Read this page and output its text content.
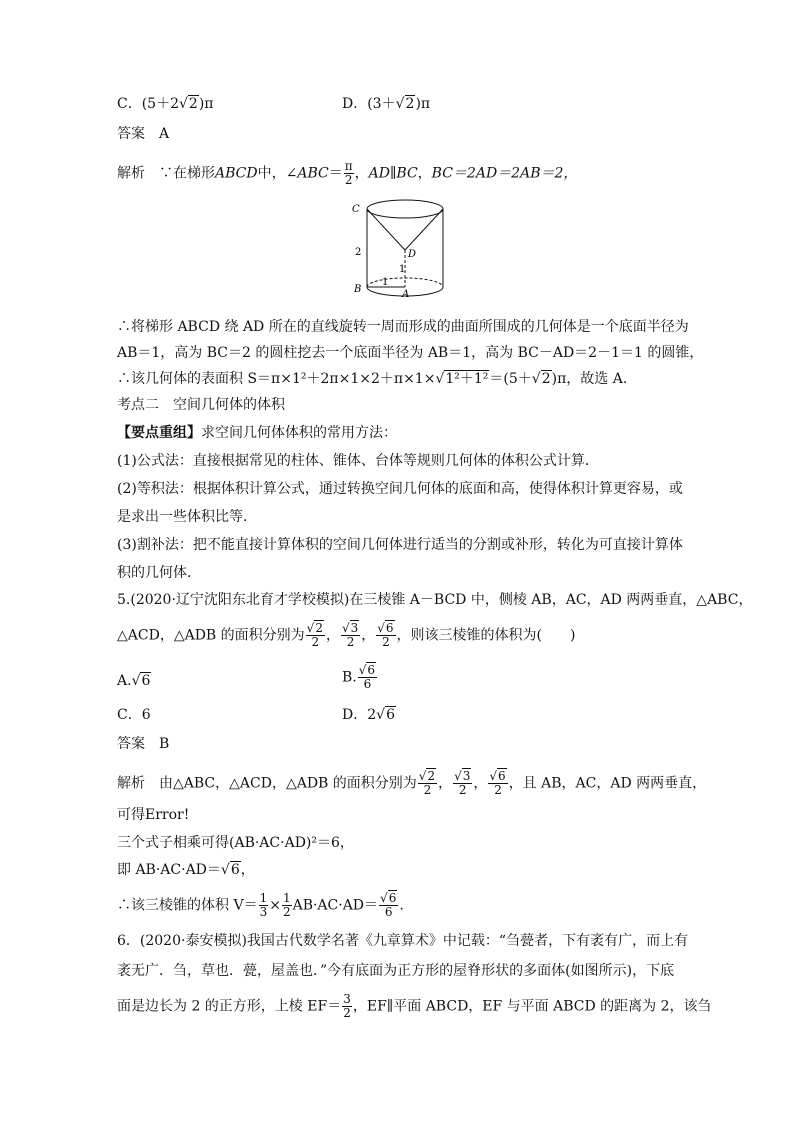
C．(5＋2√2)π	D．(3＋√2)π
答案　A
解析　∵在梯形ABCD中，∠ABC＝ $\frac{\pi}{2}$ ，AD∥BC，BC＝2AD＝2AB＝2，
C
B	A
D
2
1
1
∴将梯形 ABCD 绕 AD 所在的直线旋转一周而形成的曲面所围成的几何体是一个底面半径为
AB＝1，高为 BC＝2 的圆柱挖去一个底面半径为 AB＝1，高为 BC－AD＝2－1＝1 的圆锥，
∴该几何体的表面积 S＝π×1²＋2π×1×2＋π×1×√1²＋1²＝(5＋√2)π，故选 A.
考点二　空间几何体的体积
【要点重组】求空间几何体体积的常用方法：
(1)公式法：直接根据常见的柱体、锥体、台体等规则几何体的体积公式计算．
(2)等积法：根据体积计算公式，通过转换空间几何体的底面和高，使得体积计算更容易，或
是求出一些体积比等．
(3)割补法：把不能直接计算体积的空间几何体进行适当的分割或补形，转化为可直接计算体
积的几何体．
5.(2020·辽宁沈阳东北育才学校模拟)在三棱锥 A－BCD 中，侧棱 AB，AC，AD 两两垂直，△ABC，
△ACD，△ADB 的面积分别为 $\frac{√2}{2}$ ， $\frac{√3}{2}$ ， $\frac{√6}{2}$ ，则该三棱锥的体积为(　　)
A.√6	B. $\frac{√6}{6}$
C．6	D．2√6
答案　B
解析　由△ABC，△ACD，△ADB 的面积分别为 $\frac{√2}{2}$ ， $\frac{√3}{2}$ ， $\frac{√6}{2}$ ，且 AB，AC，AD 两两垂直，
可得Error!
三个式子相乘可得(AB·AC·AD)²＝6，
即 AB·AC·AD＝√6，
∴该三棱锥的体积 $V= \frac{1}{3} \times \frac{1}{2} AB\cdot AC\cdot AD= \frac{√6}{6}$ .
6．(2020·泰安模拟)我国古代数学名著《九章算术》中记载：“刍甍者，下有袤有广，而上有
袤无广．刍，草也．甍，屋盖也．”今有底面为正方形的屋脊形状的多面体(如图所示)，下底
面是边长为 2 的正方形，上棱 $EF= \frac{3}{2}$ ，EF∥平面 ABCD，EF 与平面 ABCD 的距离为 2，该刍
